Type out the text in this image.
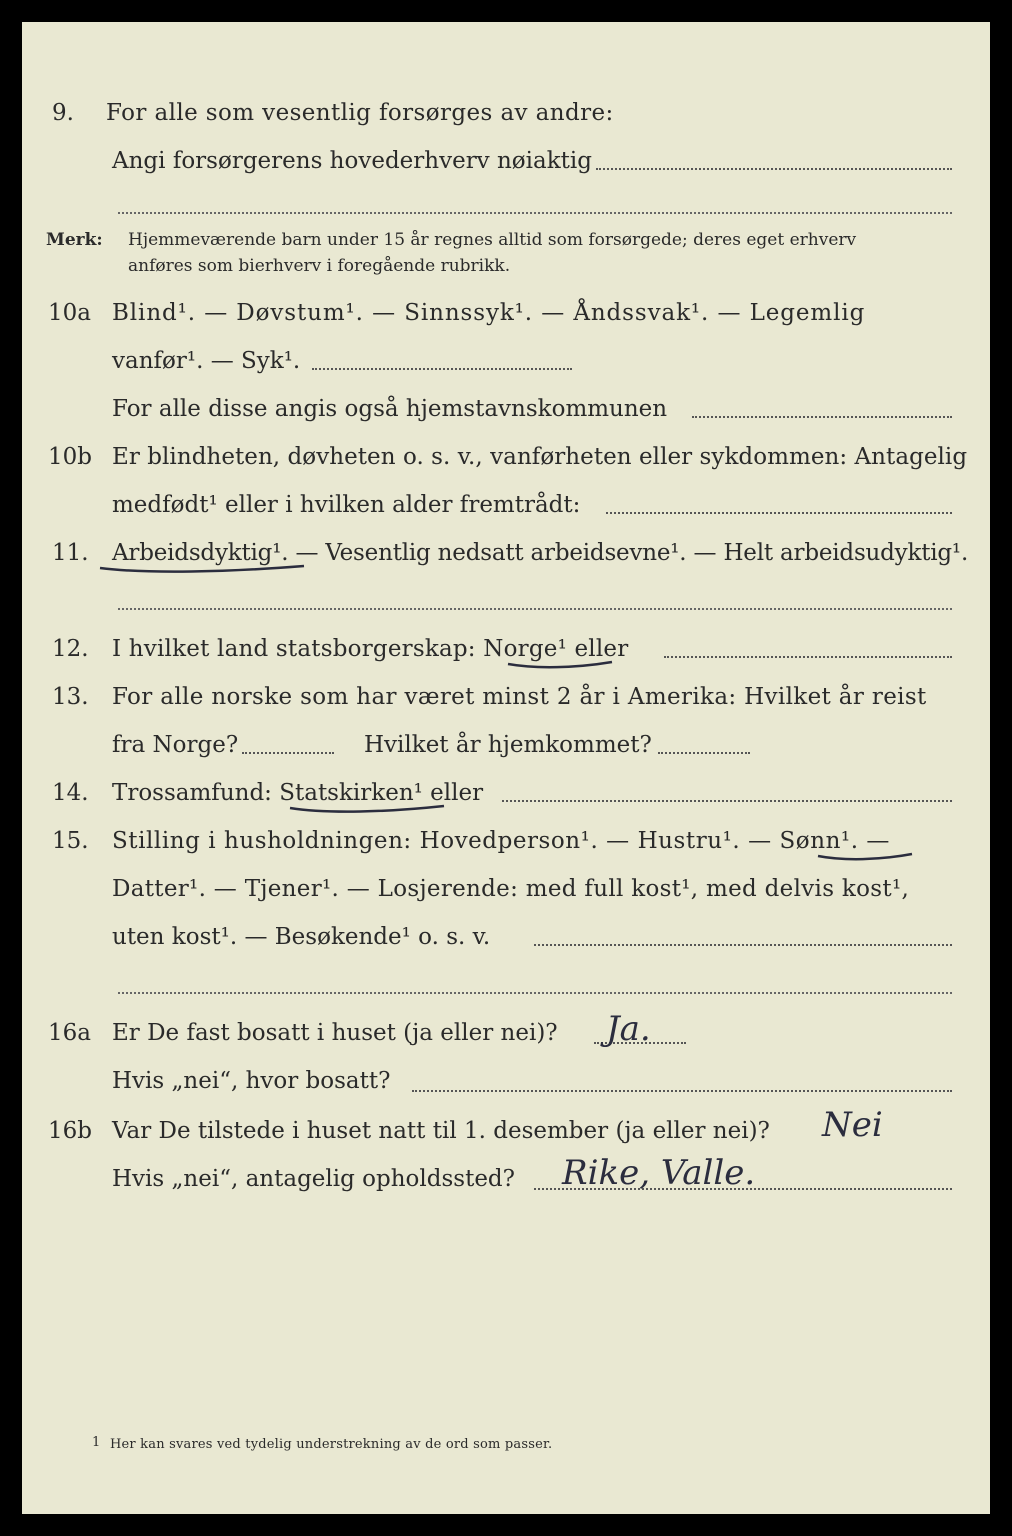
9. For alle som vesentlig forsørges av andre:
Angi forsørgerens hovederhverv nøiaktig
Merk: Hjemmeværende barn under 15 år regnes alltid som forsørgede; deres eget erhverv
anføres som bierhverv i foregående rubrikk.
10a Blind¹. — Døvstum¹. — Sinnssyk¹. — Åndssvak¹. — Legemlig
vanfør¹. — Syk¹.
For alle disse angis også hjemstavnskommunen
10b Er blindheten, døvheten o. s. v., vanførheten eller sykdommen: Antagelig
medfødt¹ eller i hvilken alder fremtrådt:
11. Arbeidsdyktig¹. — Vesentlig nedsatt arbeidsevne¹. — Helt arbeidsudyktig¹.
12. I hvilket land statsborgerskap: Norge¹ eller
13. For alle norske som har været minst 2 år i Amerika: Hvilket år reist
fra Norge?	Hvilket år hjemkommet?
14. Trossamfund: Statskirken¹ eller
15. Stilling i husholdningen: Hovedperson¹. — Hustru¹. — Sønn¹. —
Datter¹. — Tjener¹. — Losjerende: med full kost¹, med delvis kost¹,
uten kost¹. — Besøkende¹ o. s. v.
16a Er De fast bosatt i huset (ja eller nei)? Ja.
Hvis „nei“, hvor bosatt?
16b Var De tilstede i huset natt til 1. desember (ja eller nei)? Nei
Hvis „nei“, antagelig opholdssted? Rike, Valle.
1 Her kan svares ved tydelig understrekning av de ord som passer.
